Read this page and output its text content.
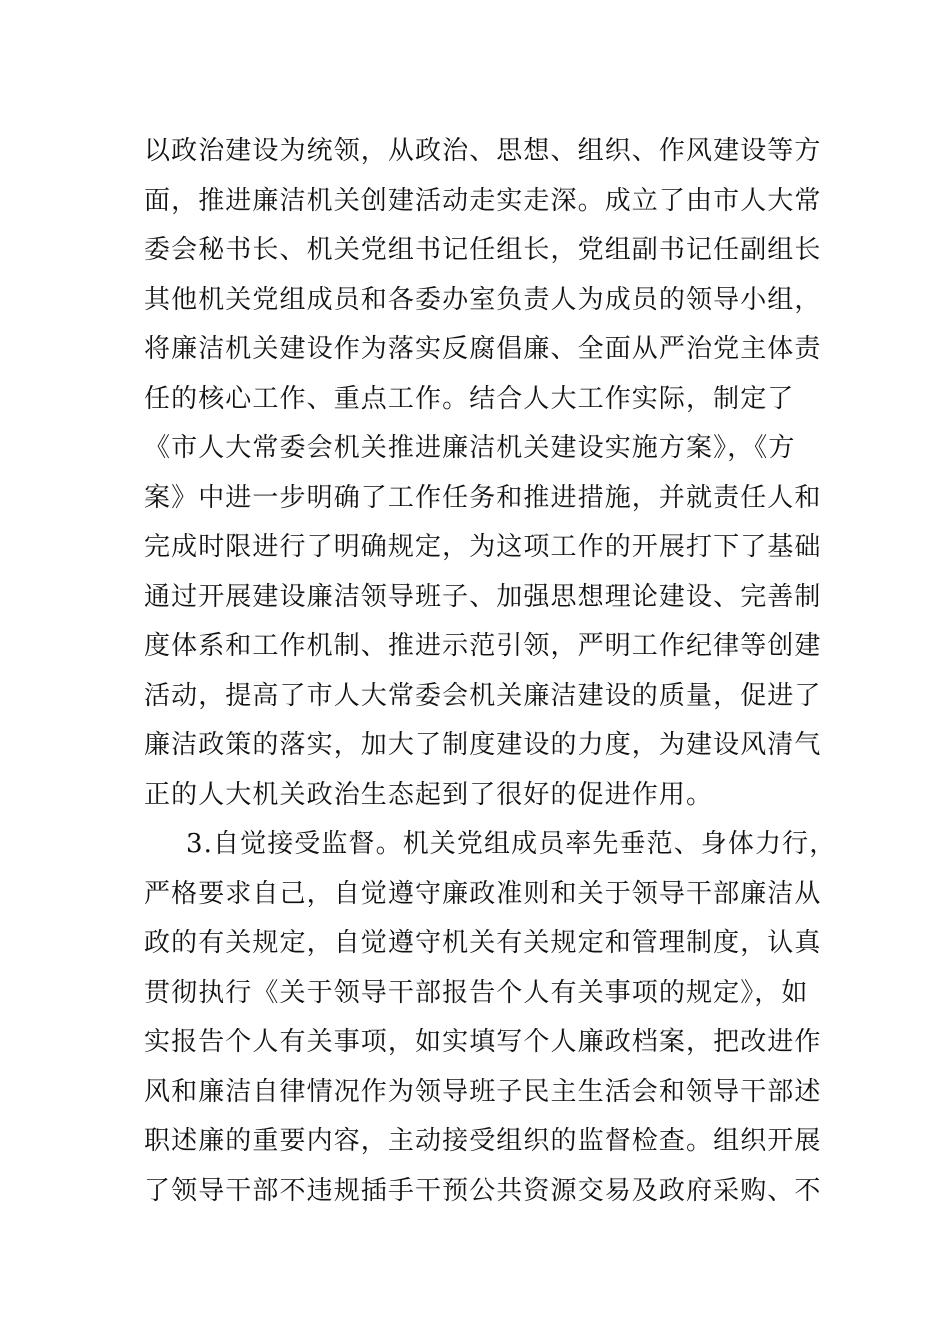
以政治建设为统领，从政治、思想、组织、作风建设等方
面，推进廉洁机关创建活动走实走深。成立了由市人大常
委会秘书长、机关党组书记任组长，党组副书记任副组长
其他机关党组成员和各委办室负责人为成员的领导小组，
将廉洁机关建设作为落实反腐倡廉、全面从严治党主体责
任的核心工作、重点工作。结合人大工作实际，制定了
《市人大常委会机关推进廉洁机关建设实施方案》，《方
案》中进一步明确了工作任务和推进措施，并就责任人和
完成时限进行了明确规定，为这项工作的开展打下了基础
通过开展建设廉洁领导班子、加强思想理论建设、完善制
度体系和工作机制、推进示范引领，严明工作纪律等创建
活动，提高了市人大常委会机关廉洁建设的质量，促进了
廉洁政策的落实，加大了制度建设的力度，为建设风清气
正的人大机关政治生态起到了很好的促进作用。
3.自觉接受监督。机关党组成员率先垂范、身体力行，
严格要求自己，自觉遵守廉政准则和关于领导干部廉洁从
政的有关规定，自觉遵守机关有关规定和管理制度，认真
贯彻执行《关于领导干部报告个人有关事项的规定》，如
实报告个人有关事项，如实填写个人廉政档案，把改进作
风和廉洁自律情况作为领导班子民主生活会和领导干部述
职述廉的重要内容，主动接受组织的监督检查。组织开展
了领导干部不违规插手干预公共资源交易及政府采购、不
